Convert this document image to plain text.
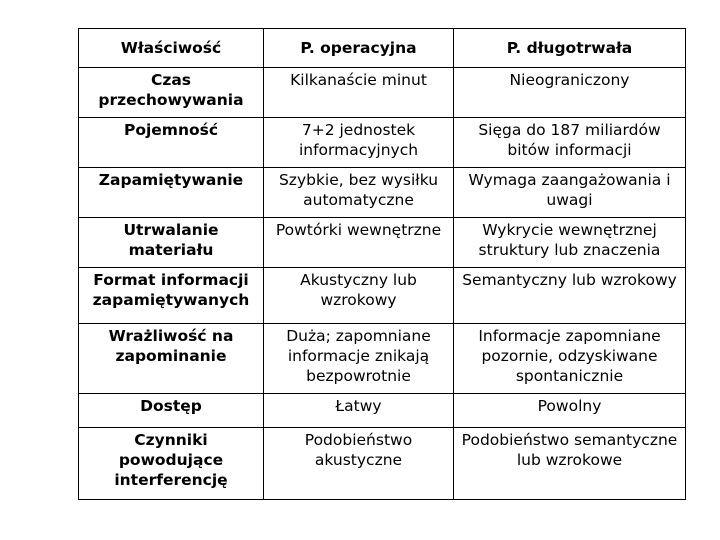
Właściwość	P. operacyjna	P. długotrwała
Czas przechowywania	Kilkanaście minut	Nieograniczony
Pojemność	7+2 jednostek informacyjnych	Sięga do 187 miliardów bitów informacji
Zapamiętywanie	Szybkie, bez wysiłku automatyczne	Wymaga zaangażowania i uwagi
Utrwalanie materiału	Powtórki wewnętrzne	Wykrycie wewnętrznej struktury lub znaczenia
Format informacji zapamiętywanych	Akustyczny lub wzrokowy	Semantyczny lub wzrokowy
Wrażliwość na zapominanie	Duża; zapomniane informacje znikają bezpowrotnie	Informacje zapomniane pozornie, odzyskiwane spontanicznie
Dostęp	Łatwy	Powolny
Czynniki powodujące interferencję	Podobieństwo akustyczne	Podobieństwo semantyczne lub wzrokowe
